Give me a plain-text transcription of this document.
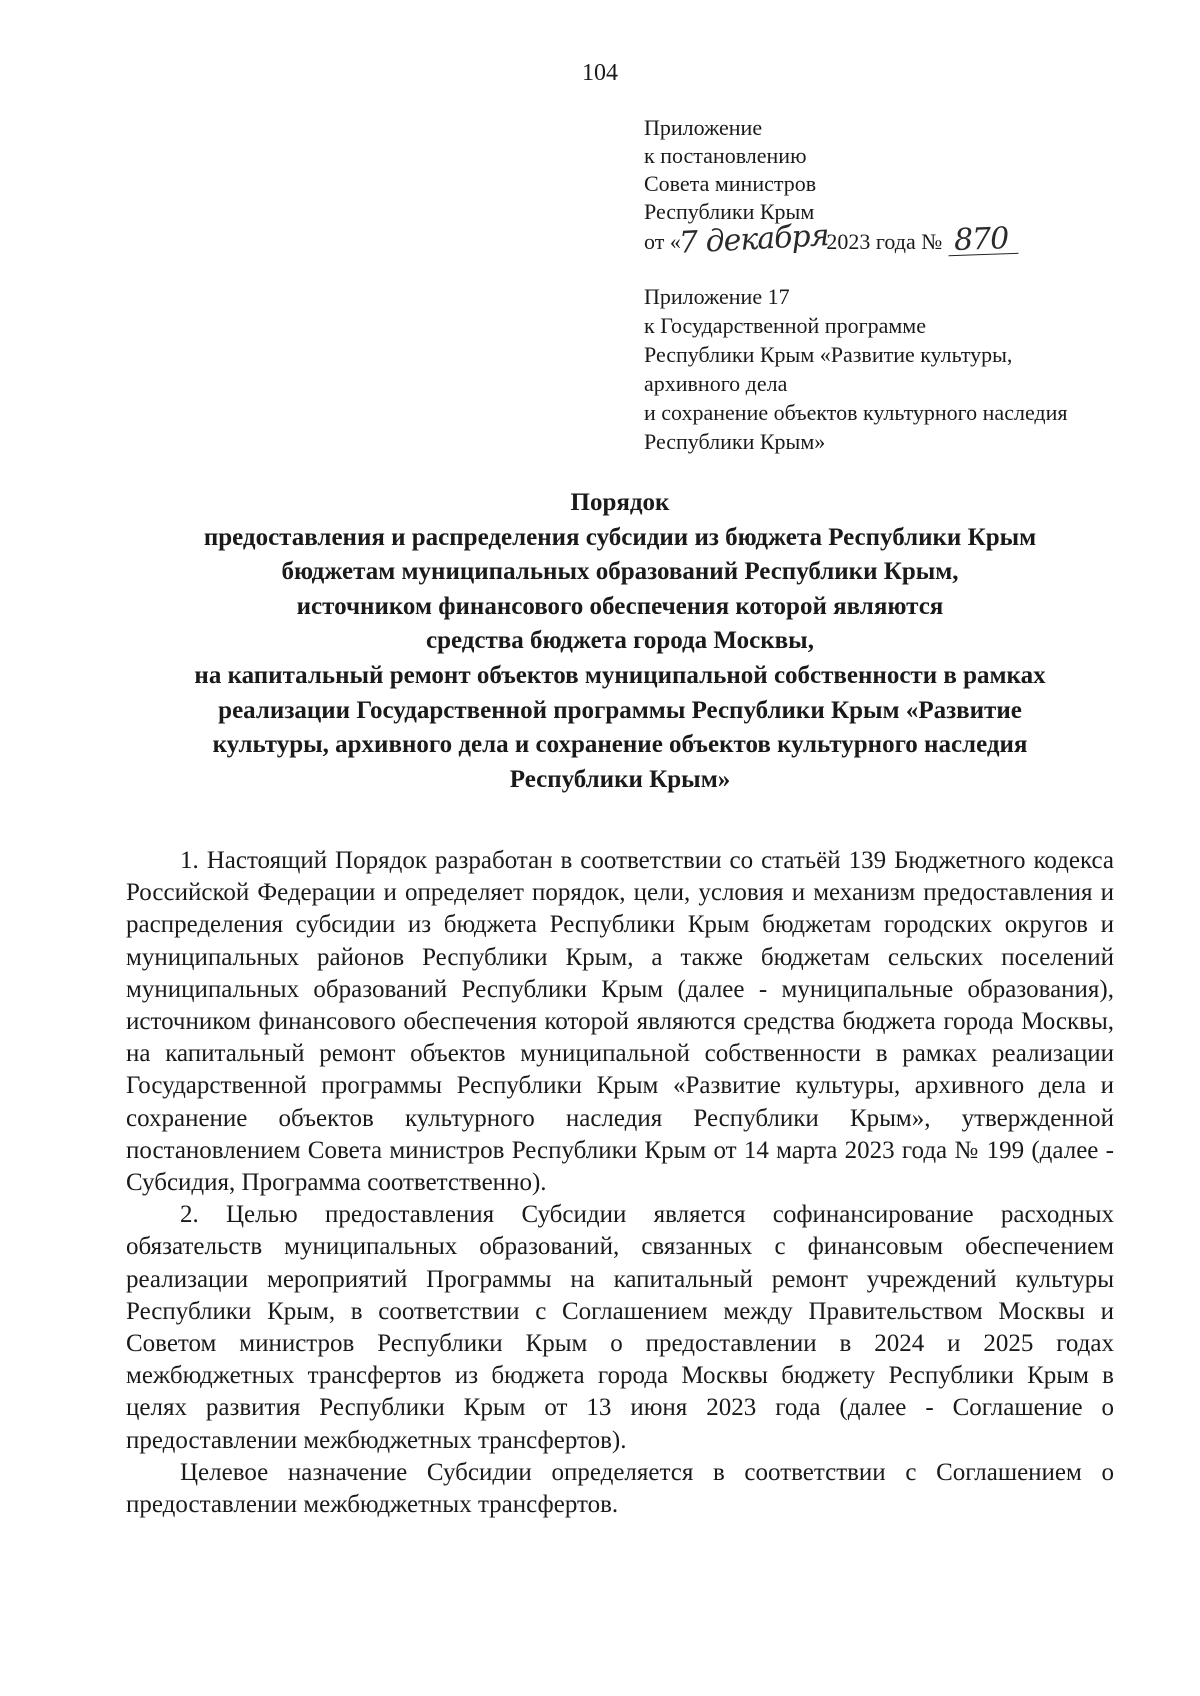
104
Приложение
к постановлению
Совета министров
Республики Крым
от «7 декабря2023 года № 870
Приложение 17
к Государственной программе
Республики Крым «Развитие культуры,
архивного дела
и сохранение объектов культурного наследия
Республики Крым»
Порядок
предоставления и распределения субсидии из бюджета Республики Крым
бюджетам муниципальных образований Республики Крым,
источником финансового обеспечения которой являются
средства бюджета города Москвы,
на капитальный ремонт объектов муниципальной собственности в рамках
реализации Государственной программы Республики Крым «Развитие
культуры, архивного дела и сохранение объектов культурного наследия
Республики Крым»

1. Настоящий Порядок разработан в соответствии со статьёй 139 Бюджетного кодекса Российской Федерации и определяет порядок, цели, условия и механизм предоставления и распределения субсидии из бюджета Республики Крым бюджетам городских округов и муниципальных районов Республики Крым, а также бюджетам сельских поселений муниципальных образований Республики Крым (далее - муниципальные образования), источником финансового обеспечения которой являются средства бюджета города Москвы, на капитальный ремонт объектов муниципальной собственности в рамках реализации Государственной программы Республики Крым «Развитие культуры, архивного дела и сохранение объектов культурного наследия Республики Крым», утвержденной постановлением Совета министров Республики Крым от 14 марта 2023 года № 199 (далее - Субсидия, Программа соответственно).

2. Целью предоставления Субсидии является софинансирование расходных обязательств муниципальных образований, связанных с финансовым обеспечением реализации мероприятий Программы на капитальный ремонт учреждений культуры Республики Крым, в соответствии с Соглашением между Правительством Москвы и Советом министров Республики Крым о предоставлении в 2024 и 2025 годах межбюджетных трансфертов из бюджета города Москвы бюджету Республики Крым в целях развития Республики Крым от 13 июня 2023 года (далее - Соглашение о предоставлении межбюджетных трансфертов).

Целевое назначение Субсидии определяется в соответствии с Соглашением о предоставлении межбюджетных трансфертов.
